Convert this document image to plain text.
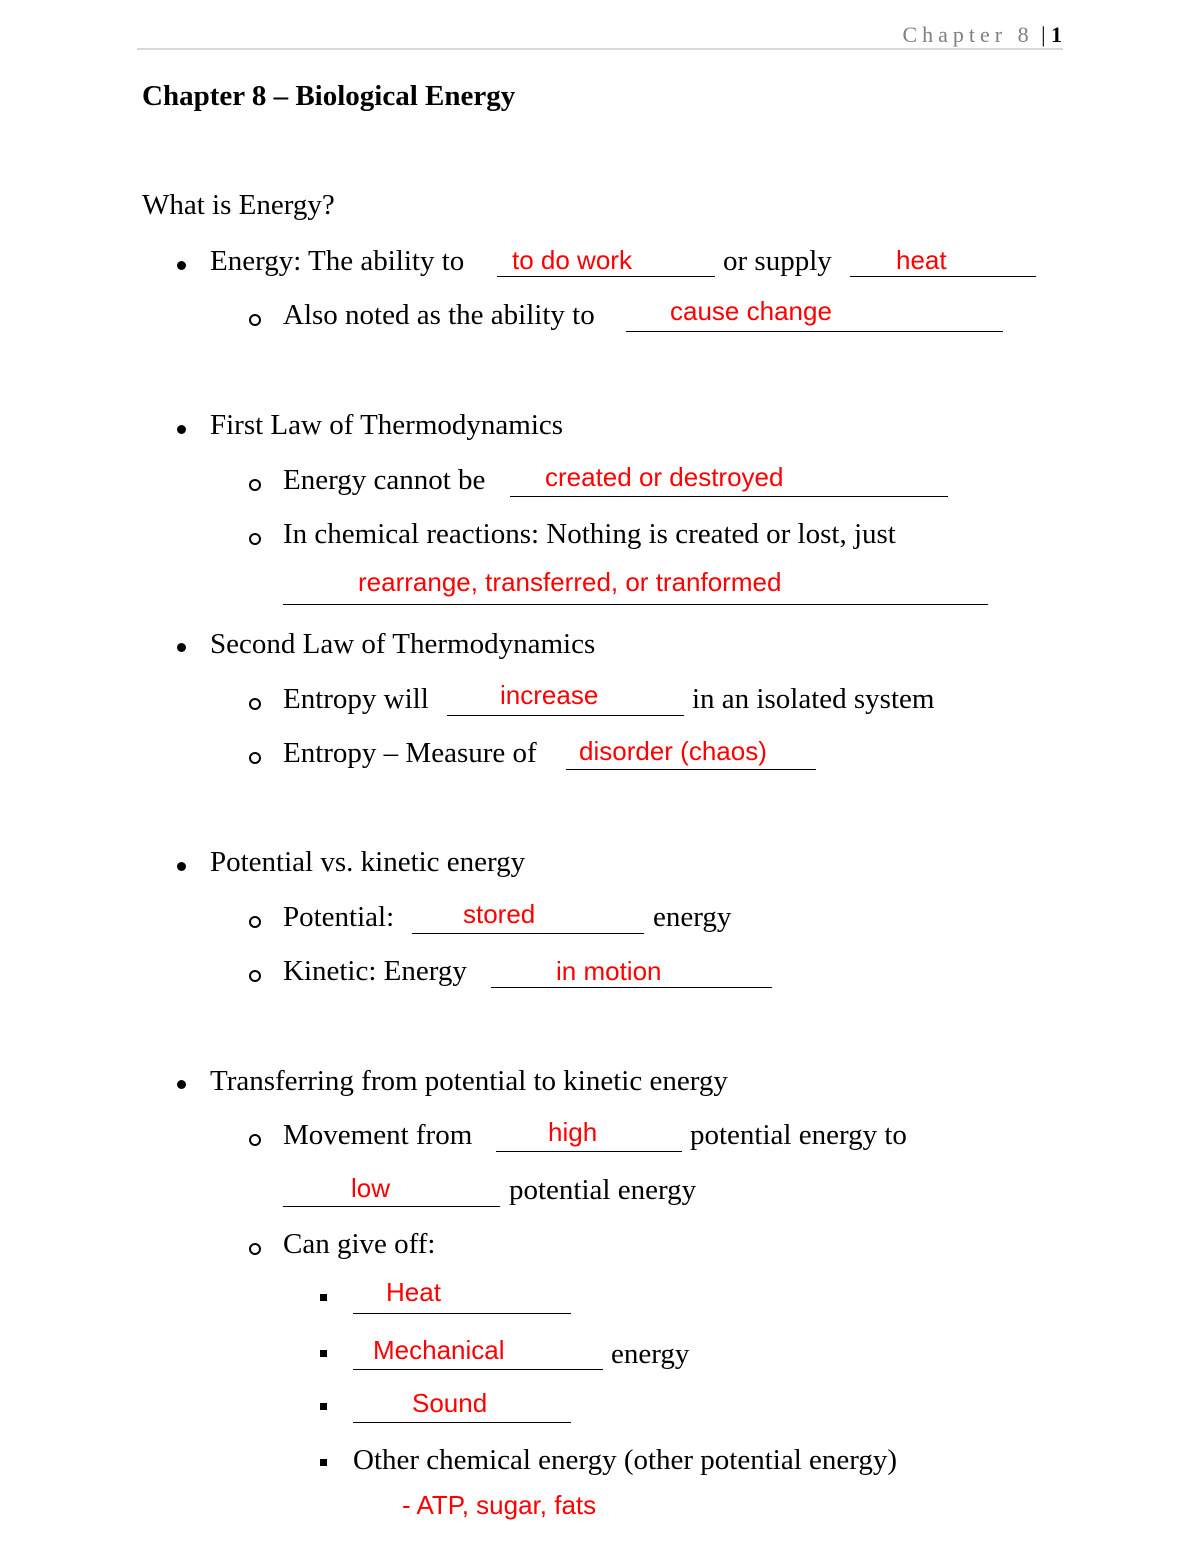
Chapter 8 | 1
Chapter 8 – Biological Energy
What is Energy?
Energy: The ability to to do work	or supply heat
Also noted as the ability to	cause change
First Law of Thermodynamics
Energy cannot be created or destroyed
In chemical reactions: Nothing is created or lost, just
rearrange, transferred, or tranformed
Second Law of Thermodynamics
Entropy will	increase	in an isolated system
Entropy – Measure of disorder (chaos)
Potential vs. kinetic energy
Potential:	stored	energy
Kinetic: Energy	in motion
Transferring from potential to kinetic energy
Movement from	high	potential energy to
low	potential energy
Can give off:
Heat
Mechanical	energy
Sound
Other chemical energy (other potential energy)
- ATP, sugar, fats
